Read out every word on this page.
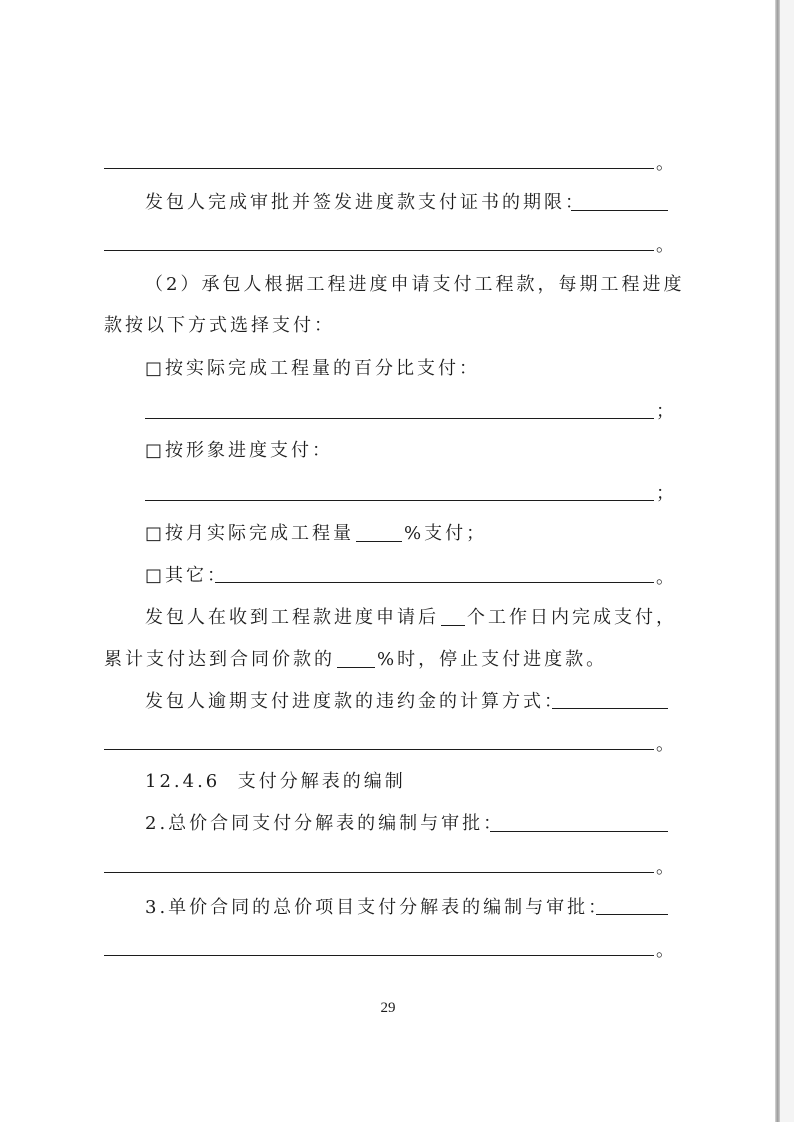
。
发包人完成审批并签发进度款支付证书的期限：
。
（2）承包人根据工程进度申请支付工程款，每期工程进度
款按以下方式选择支付：
□按实际完成工程量的百分比支付：
；
□按形象进度支付：
；
□按月实际完成工程量	%支付；
□其它：	。
发包人在收到工程款进度申请后 个工作日内完成支付，
累计支付达到合同价款的 %时，停止支付进度款。
发包人逾期支付进度款的违约金的计算方式：
。
12.4.6  支付分解表的编制
2.总价合同支付分解表的编制与审批：
。
3.单价合同的总价项目支付分解表的编制与审批：
。
29
